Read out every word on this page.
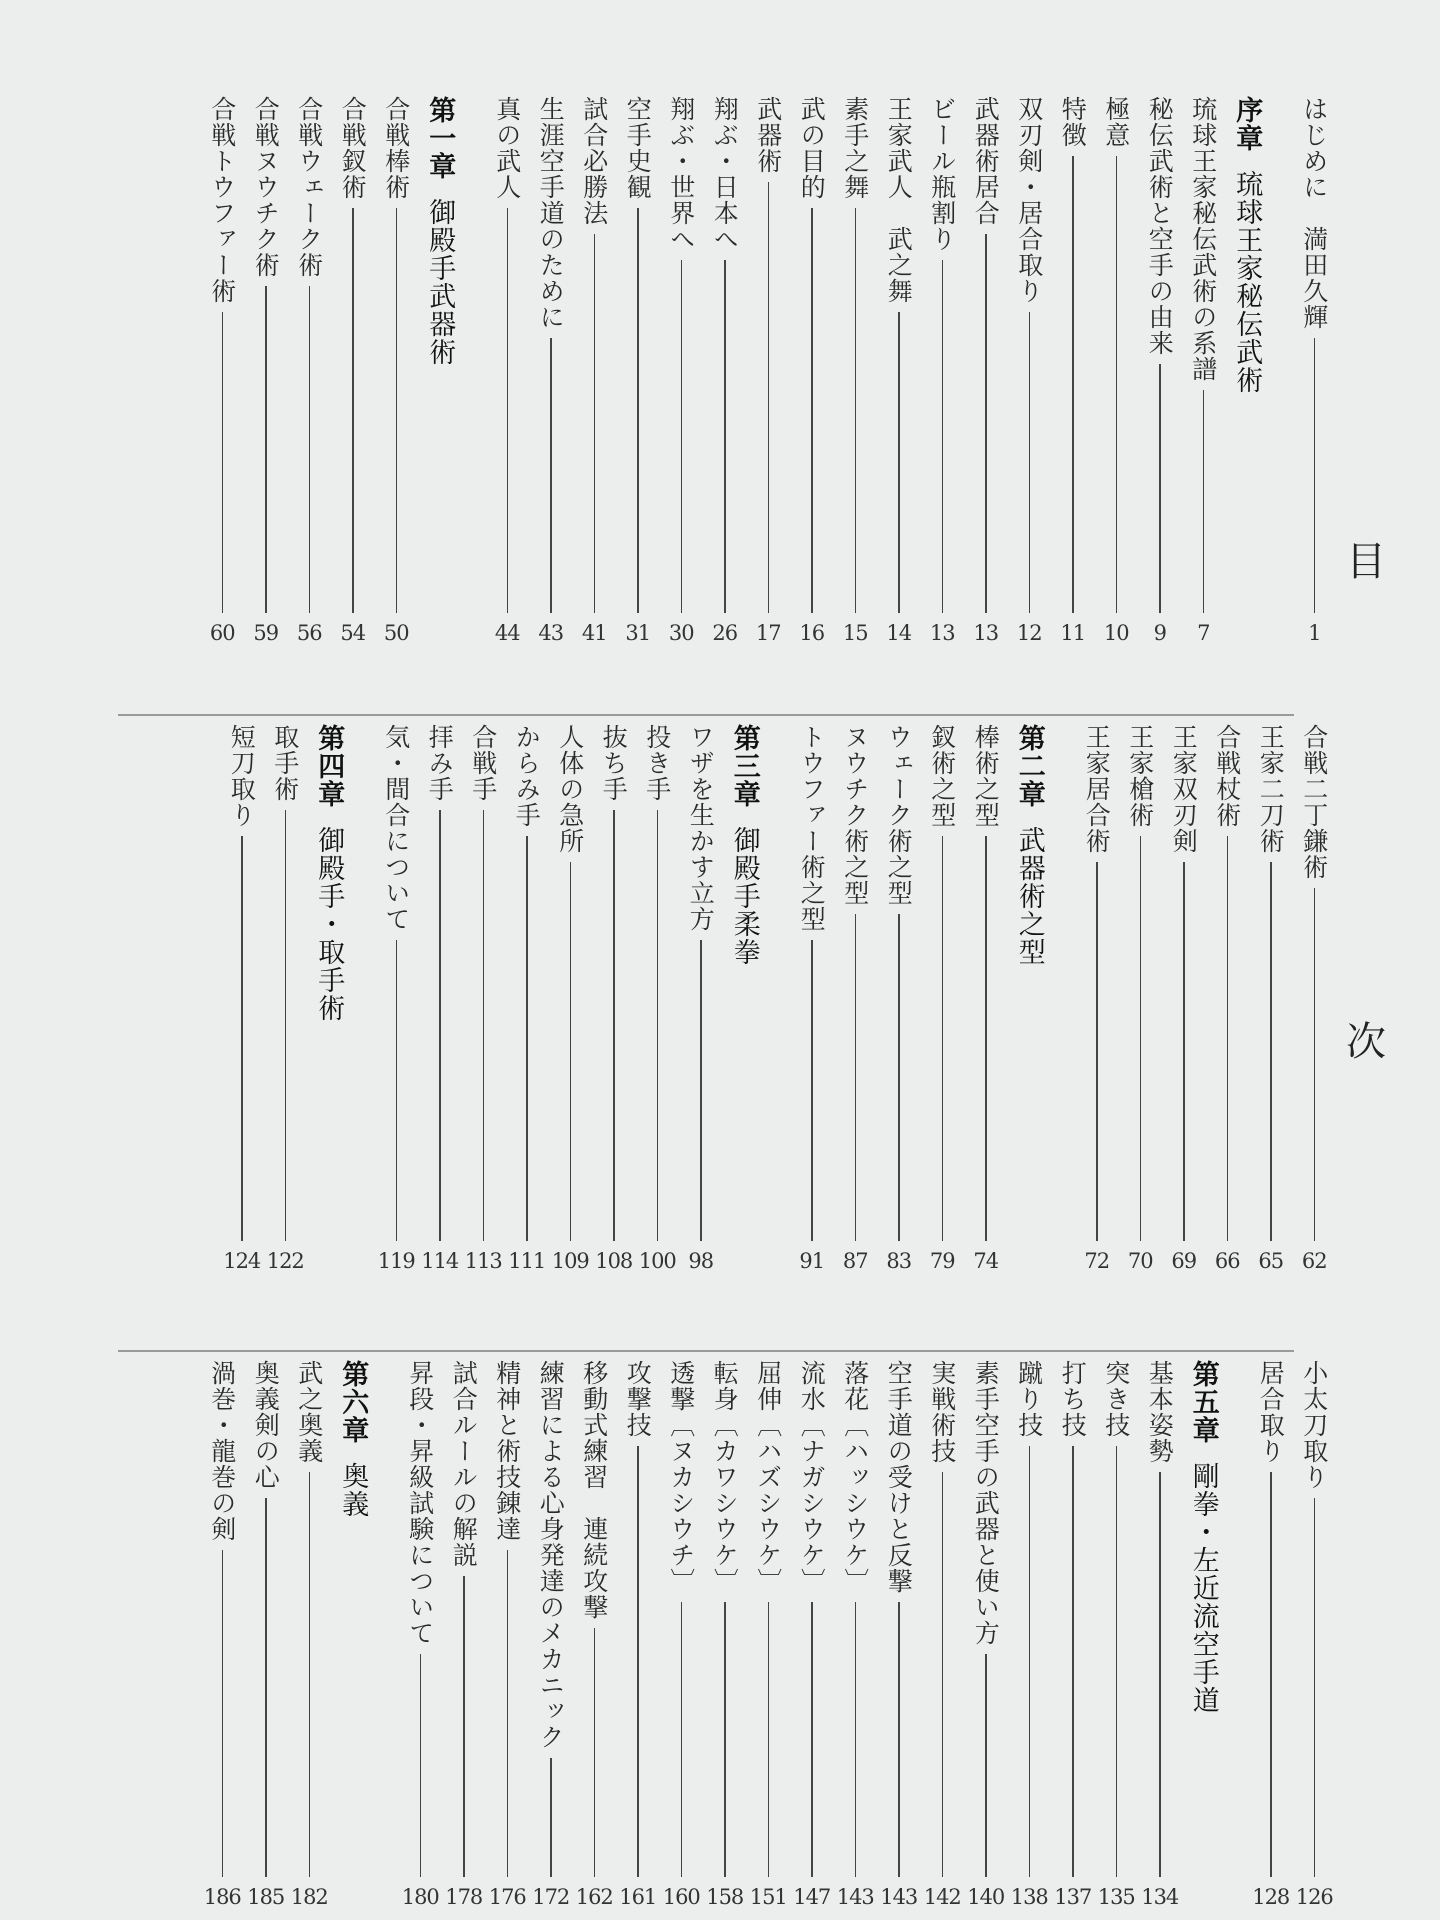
目
次
はじめに　満田久輝
1
序章琉球王家秘伝武術
琉球王家秘伝武術の系譜
7
秘伝武術と空手の由来
9
極意
10
特徴
11
双刃剣・居合取り
12
武器術居合
13
ビール瓶割り
13
王家武人　武之舞
14
素手之舞
15
武の目的
16
武器術
17
翔ぶ・日本へ
26
翔ぶ・世界へ
30
空手史観
31
試合必勝法
41
生涯空手道のために
43
真の武人
44
第一章御殿手武器術
合戦棒術
50
合戦釵術
54
合戦ウェーク術
56
合戦ヌウチク術
59
合戦トウファー術
60
合戦二丁鎌術
62
王家二刀術
65
合戦杖術
66
王家双刃剣
69
王家槍術
70
王家居合術
72
第二章武器術之型
棒術之型
74
釵術之型
79
ウェーク術之型
83
ヌウチク術之型
87
トウファー術之型
91
第三章御殿手柔拳
ワザを生かす立方
98
投き手
100
抜ち手
108
人体の急所
109
からみ手
111
合戦手
113
拝み手
114
気・間合について
119
第四章御殿手・取手術
取手術
122
短刀取り
124
小太刀取り
126
居合取り
128
第五章剛拳・左近流空手道
基本姿勢
134
突き技
135
打ち技
137
蹴り技
138
素手空手の武器と使い方
140
実戦術技
142
空手道の受けと反撃
143
落花〔ハッシウケ〕
143
流水〔ナガシウケ〕
147
屈伸〔ハズシウケ〕
151
転身〔カワシウケ〕
158
透撃〔ヌカシウチ〕
160
攻撃技
161
移動式練習　連続攻撃
162
練習による心身発達のメカニック
172
精神と術技錬達
176
試合ルールの解説
178
昇段・昇級試験について
180
第六章奥義
武之奥義
182
奥義剣の心
185
渦巻・龍巻の剣
186
